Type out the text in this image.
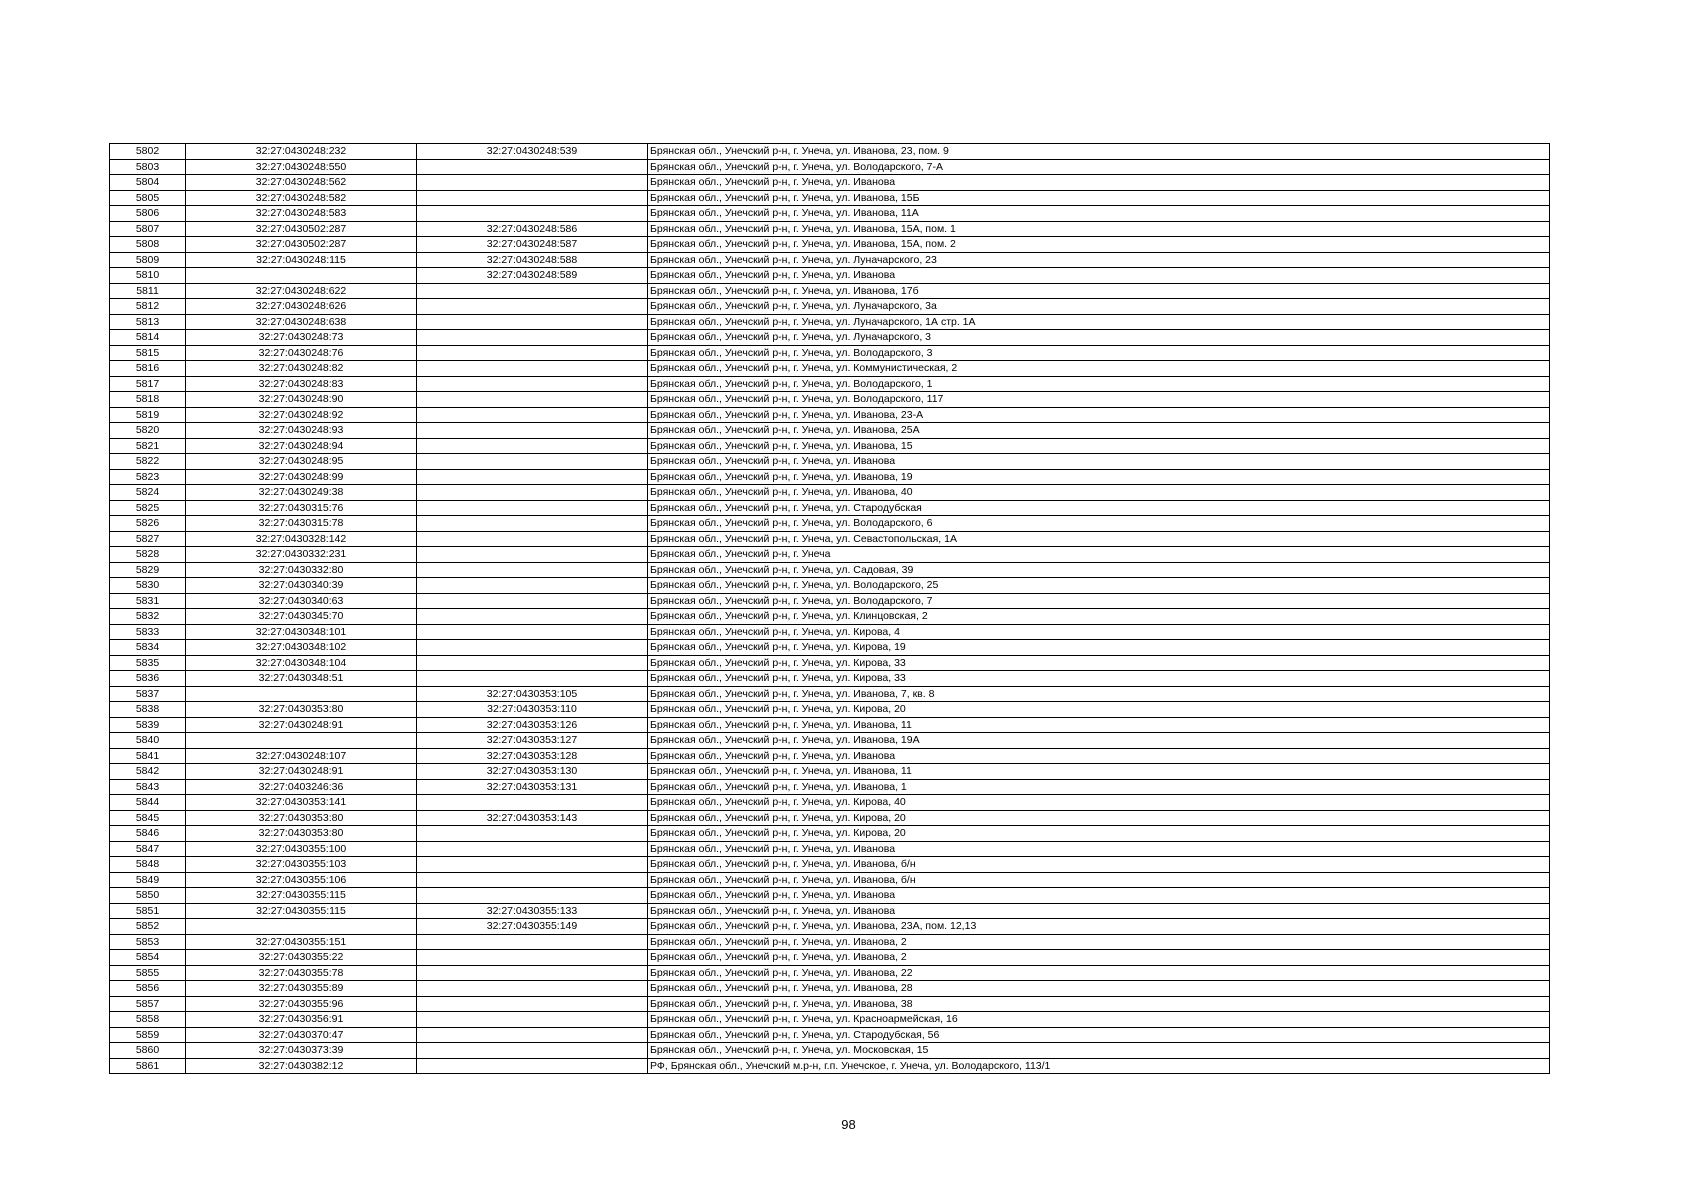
5802	32:27:0430248:232	32:27:0430248:539	Брянская обл., Унечский р-н, г. Унеча, ул. Иванова, 23, пом. 9
5803	32:27:0430248:550		Брянская обл., Унечский р-н, г. Унеча, ул. Володарского, 7-А
5804	32:27:0430248:562		Брянская обл., Унечский р-н, г. Унеча, ул. Иванова
5805	32:27:0430248:582		Брянская обл., Унечский р-н, г. Унеча, ул. Иванова, 15Б
5806	32:27:0430248:583		Брянская обл., Унечский р-н, г. Унеча, ул. Иванова, 11А
5807	32:27:0430502:287	32:27:0430248:586	Брянская обл., Унечский р-н, г. Унеча, ул. Иванова, 15А, пом. 1
5808	32:27:0430502:287	32:27:0430248:587	Брянская обл., Унечский р-н, г. Унеча, ул. Иванова, 15А, пом. 2
5809	32:27:0430248:115	32:27:0430248:588	Брянская обл., Унечский р-н, г. Унеча, ул. Луначарского, 23
5810		32:27:0430248:589	Брянская обл., Унечский р-н, г. Унеча, ул. Иванова
5811	32:27:0430248:622		Брянская обл., Унечский р-н, г. Унеча, ул. Иванова, 17б
5812	32:27:0430248:626		Брянская обл., Унечский р-н, г. Унеча, ул. Луначарского, 3а
5813	32:27:0430248:638		Брянская обл., Унечский р-н, г. Унеча, ул. Луначарского, 1А стр. 1А
5814	32:27:0430248:73		Брянская обл., Унечский р-н, г. Унеча, ул. Луначарского, 3
5815	32:27:0430248:76		Брянская обл., Унечский р-н, г. Унеча, ул. Володарского, 3
5816	32:27:0430248:82		Брянская обл., Унечский р-н, г. Унеча, ул. Коммунистическая, 2
5817	32:27:0430248:83		Брянская обл., Унечский р-н, г. Унеча, ул. Володарского, 1
5818	32:27:0430248:90		Брянская обл., Унечский р-н, г. Унеча, ул. Володарского, 117
5819	32:27:0430248:92		Брянская обл., Унечский р-н, г. Унеча, ул. Иванова, 23-А
5820	32:27:0430248:93		Брянская обл., Унечский р-н, г. Унеча, ул. Иванова, 25А
5821	32:27:0430248:94		Брянская обл., Унечский р-н, г. Унеча, ул. Иванова, 15
5822	32:27:0430248:95		Брянская обл., Унечский р-н, г. Унеча, ул. Иванова
5823	32:27:0430248:99		Брянская обл., Унечский р-н, г. Унеча, ул. Иванова, 19
5824	32:27:0430249:38		Брянская обл., Унечский р-н, г. Унеча, ул. Иванова, 40
5825	32:27:0430315:76		Брянская обл., Унечский р-н, г. Унеча, ул. Стародубская
5826	32:27:0430315:78		Брянская обл., Унечский р-н, г. Унеча, ул. Володарского, 6
5827	32:27:0430328:142		Брянская обл., Унечский р-н, г. Унеча, ул. Севастопольская, 1А
5828	32:27:0430332:231		Брянская обл., Унечский р-н, г. Унеча
5829	32:27:0430332:80		Брянская обл., Унечский р-н, г. Унеча, ул. Садовая, 39
5830	32:27:0430340:39		Брянская обл., Унечский р-н, г. Унеча, ул. Володарского, 25
5831	32:27:0430340:63		Брянская обл., Унечский р-н, г. Унеча, ул. Володарского, 7
5832	32:27:0430345:70		Брянская обл., Унечский р-н, г. Унеча, ул. Клинцовская, 2
5833	32:27:0430348:101		Брянская обл., Унечский р-н, г. Унеча, ул. Кирова, 4
5834	32:27:0430348:102		Брянская обл., Унечский р-н, г. Унеча, ул. Кирова, 19
5835	32:27:0430348:104		Брянская обл., Унечский р-н, г. Унеча, ул. Кирова, 33
5836	32:27:0430348:51		Брянская обл., Унечский р-н, г. Унеча, ул. Кирова, 33
5837		32:27:0430353:105	Брянская обл., Унечский р-н, г. Унеча, ул. Иванова, 7, кв. 8
5838	32:27:0430353:80	32:27:0430353:110	Брянская обл., Унечский р-н, г. Унеча, ул. Кирова, 20
5839	32:27:0430248:91	32:27:0430353:126	Брянская обл., Унечский р-н, г. Унеча, ул. Иванова, 11
5840		32:27:0430353:127	Брянская обл., Унечский р-н, г. Унеча, ул. Иванова, 19А
5841	32:27:0430248:107	32:27:0430353:128	Брянская обл., Унечский р-н, г. Унеча, ул. Иванова
5842	32:27:0430248:91	32:27:0430353:130	Брянская обл., Унечский р-н, г. Унеча, ул. Иванова, 11
5843	32:27:0403246:36	32:27:0430353:131	Брянская обл., Унечский р-н, г. Унеча, ул. Иванова, 1
5844	32:27:0430353:141		Брянская обл., Унечский р-н, г. Унеча, ул. Кирова, 40
5845	32:27:0430353:80	32:27:0430353:143	Брянская обл., Унечский р-н, г. Унеча, ул. Кирова, 20
5846	32:27:0430353:80		Брянская обл., Унечский р-н, г. Унеча, ул. Кирова, 20
5847	32:27:0430355:100		Брянская обл., Унечский р-н, г. Унеча, ул. Иванова
5848	32:27:0430355:103		Брянская обл., Унечский р-н, г. Унеча, ул. Иванова, б/н
5849	32:27:0430355:106		Брянская обл., Унечский р-н, г. Унеча, ул. Иванова, б/н
5850	32:27:0430355:115		Брянская обл., Унечский р-н, г. Унеча, ул. Иванова
5851	32:27:0430355:115	32:27:0430355:133	Брянская обл., Унечский р-н, г. Унеча, ул. Иванова
5852		32:27:0430355:149	Брянская обл., Унечский р-н, г. Унеча, ул. Иванова, 23А, пом. 12,13
5853	32:27:0430355:151		Брянская обл., Унечский р-н, г. Унеча, ул. Иванова, 2
5854	32:27:0430355:22		Брянская обл., Унечский р-н, г. Унеча, ул. Иванова, 2
5855	32:27:0430355:78		Брянская обл., Унечский р-н, г. Унеча, ул. Иванова, 22
5856	32:27:0430355:89		Брянская обл., Унечский р-н, г. Унеча, ул. Иванова, 28
5857	32:27:0430355:96		Брянская обл., Унечский р-н, г. Унеча, ул. Иванова, 38
5858	32:27:0430356:91		Брянская обл., Унечский р-н, г. Унеча, ул. Красноармейская, 16
5859	32:27:0430370:47		Брянская обл., Унечский р-н, г. Унеча, ул. Стародубская, 56
5860	32:27:0430373:39		Брянская обл., Унечский р-н, г. Унеча, ул. Московская, 15
5861	32:27:0430382:12		РФ, Брянская обл., Унечский м.р-н, г.п. Унечское, г. Унеча, ул. Володарского, 113/1
98
